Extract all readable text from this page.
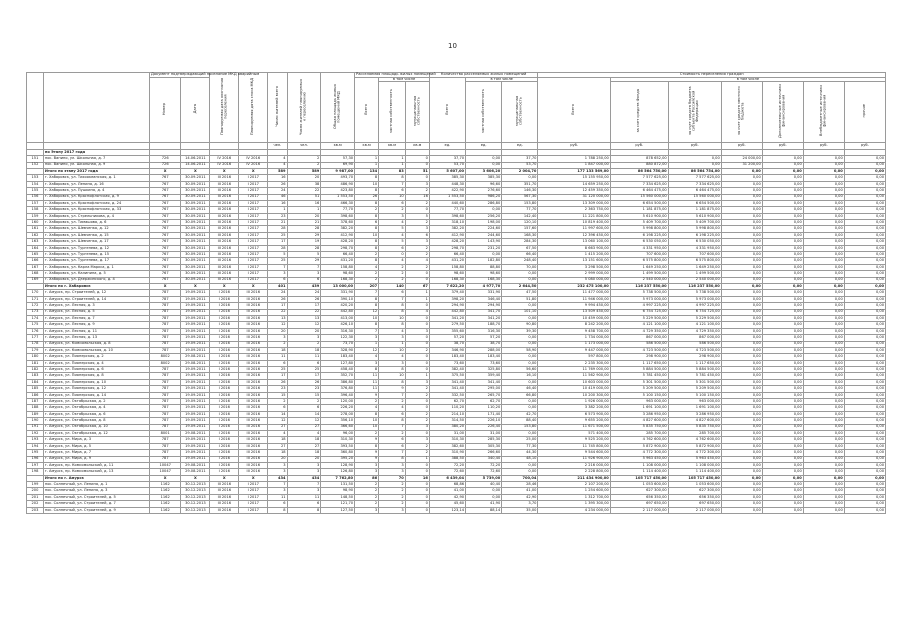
10
		Документ подтверждающий признание МКД аварийным		Планируемая дата окончания переселения	Планируемая дата сноса МКД	Число жителей всего	Число жителей планируемых к переселению	Общая площадь жилых помещений МКД	Расселяемая площадь жилых помещений			Количество расселяемых жилых помещений			Стоимость переселения граждан						
		Номер	Дата						Всего	в том числе		Всего	в том числе		Всего	в том числе					
										частная собственность	муниципальная собственность		частная собственность	муниципальная собственность		за счет средств Фонда	за счет средств бюджета субъекта Российской Федерации	за счет средств местного бюджета	Дополнительные источники финансирования	Внебюджетные источники финансирования	прочие
						чел.	чел.	кв.м	кв.м	кв.м	кв.м	ед.	ед.	ед.	руб.	руб.	руб.	руб.	руб.	руб.	руб.
	по Этапу 2017 года																				
151	пос. Ванино, ул. Школьная, д. 7	726	14.06.2011	IV 2016	IV 2016	4	2	57,30	1	1	0	37,70	0,00	37,70	1 788 250,00	878 652,00	0,00	24 000,00	0,00	0,00	0,00
152	пос. Ванино, ул. Школьная, д. 9	726	14.06.2011	IV 2016	IV 2016	4	2	69,90	1	1	0	53,70	0,00	53,70	1 847 000,00	880 872,00	0,00	31 200,00	0,00	0,00	0,00
	Итого по этапу 2017 года	X	X	X	X	589	589	9 987,00	134	83	51	5 607,00	3 606,20	2 004,70	177 133 569,00	86 564 750,00	86 564 754,00	0,00	0,00	0,00	0,00
153	г. Хабаровск, ул. Тихоокеанская, д. 1	767	30.09.2011	III 2016	I 2017	16	20	493,70	8	8	0	385,30	385,30	0,00	15 155 950,00	7 577 625,00	7 577 625,00	0,00	0,00	0,00	0,00
154	г. Хабаровск, ул. Ленина, д. 16	767	30.09.2011	III 2016	I 2017	26	38	486,90	10	7	3	448,30	96,60	351,70	14 659 250,00	7 334 625,00	7 334 625,00	0,00	0,00	0,00	0,00
155	г. Хабаровск, ул. Пушкина, д. 4	767	30.09.2011	III 2016	I 2017	24	22	423,80	8	6	2	422,90	276,60	146,30	12 459 350,00	6 464 475,00	6 464 475,00	0,00	0,00	0,00	0,00
156	г. Хабаровск, ул. Краснофлотская, д. 9	767	30.09.2011	III 2016	I 2017	46	51	1 553,50	26	10	16	1 553,50	986,20	567,30	31 120 000,00	15 560 000,00	15 560 000,00	0,00	0,00	0,00	0,00
157	г. Хабаровск, ул. Краснофлотская, д. 24	767	30.09.2011	III 2016	I 2017	16	16	466,30	8	6	2	440,60	286,80	153,80	13 309 000,00	6 654 500,00	6 654 500,00	0,00	0,00	0,00	0,00
158	г. Хабаровск, ул. Краснофлотская, д. 33	767	30.09.2011	III 2016	I 2017	1	1	77,70	2	2	0	77,70	0,00	77,70	2 363 750,00	1 181 875,00	1 181 875,00	0,00	0,00	0,00	0,00
159	г. Хабаровск, ул. Стрельникова, д. 4	767	30.09.2011	III 2016	I 2017	23	20	398,60	8	3	5	398,60	256,20	142,40	11 221 800,00	5 610 900,00	5 610 900,00	0,00	0,00	0,00	0,00
160	г. Хабаровск, ул. Тимашова, д. 6	767	30.09.2011	III 2016	I 2017	21	21	378,60	6	4	2	318,10	198,00	120,10	10 819 400,00	5 409 700,00	5 409 700,00	0,00	0,00	0,00	0,00
161	г. Хабаровск, ул. Шевченко, д. 12	767	30.09.2011	III 2016	I 2017	28	28	382,20	8	5	3	382,20	224,60	157,60	11 997 600,00	5 998 800,00	5 998 800,00	0,00	0,00	0,00	0,00
162	г. Хабаровск, ул. Шевченко, д. 15	767	30.09.2011	III 2016	I 2017	25	29	412,90	10	4	6	412,90	244,60	168,30	12 396 450,00	6 198 225,00	6 198 225,00	0,00	0,00	0,00	0,00
163	г. Хабаровск, ул. Шевченко, д. 17	767	30.09.2011	III 2016	I 2017	17	19	428,20	8	5	3	428,20	143,90	284,30	13 060 100,00	6 530 050,00	6 530 050,00	0,00	0,00	0,00	0,00
164	г. Хабаровск, ул. Тургенева, д. 12	767	30.09.2011	III 2016	I 2017	28	28	298,70	8	6	2	298,70	231,20	67,50	8 663 900,00	4 331 950,00	4 331 950,00	0,00	0,00	0,00	0,00
165	г. Хабаровск, ул. Тургенева, д. 15	767	30.09.2011	III 2016	I 2017	5	5	66,40	2	0	2	66,40	0,00	66,40	1 415 200,00	707 600,00	707 600,00	0,00	0,00	0,00	0,00
166	г. Хабаровск, ул. Тургенева, д. 17	767	30.09.2011	III 2016	I 2017	25	29	431,20	8	4	4	431,20	182,80	248,40	13 151 600,00	6 575 800,00	6 575 800,00	0,00	0,00	0,00	0,00
167	г. Хабаровск, ул. Карла Маркса, д. 1	767	30.09.2011	III 2016	I 2017	7	7	158,80	4	2	2	158,80	88,80	70,00	3 298 500,00	1 649 250,00	1 649 250,00	0,00	0,00	0,00	0,00
168	г. Хабаровск, ул. Калинина, д. 5	767	30.09.2011	III 2016	I 2017	3	3	98,60	2	2	0	98,60	98,60	0,00	2 999 000,00	1 499 500,00	1 499 500,00	0,00	0,00	0,00	0,00
169	г. Хабаровск, ул. Дзержинского, д. 4	767	30.09.2011	III 2016	I 2017	6	6	168,30	2	2	0	168,30	168,30	0,00	5 080 000,00	2 540 000,00	2 540 000,00	0,00	0,00	0,00	0,00
	Итого по г. Хабаровск	X	X	X	X	401	439	13 000,00	207	140	67	7 622,20	4 977,70	2 644,50	232 475 100,00	116 237 550,00	116 237 550,00	0,00	0,00	0,00	0,00
170	г. Амурск, пр. Строителей, д. 12	787	19.09.2011	I 2016	III 2016	24	24	331,90	7	6	1	379,40	331,90	47,50	11 477 000,00	5 738 500,00	5 738 500,00	0,00	0,00	0,00	0,00
171	г. Амурск, пр. Строителей, д. 14	787	19.09.2011	I 2016	III 2016	26	26	390,10	8	7	1	398,20	346,40	51,80	11 946 000,00	5 973 000,00	5 973 000,00	0,00	0,00	0,00	0,00
172	г. Амурск, ул. Лесная, д. 3	787	19.09.2011	I 2016	III 2016	17	17	420,20	8	8	0	294,90	294,90	0,00	9 994 450,00	4 997 225,00	4 997 225,00	0,00	0,00	0,00	0,00
173	г. Амурск, ул. Лесная, д. 5	787	19.09.2011	I 2016	III 2016	22	22	442,80	12	8	4	442,80	341,70	101,10	13 509 450,00	6 754 725,00	6 754 725,00	0,00	0,00	0,00	0,00
174	г. Амурск, ул. Лесная, д. 7	787	19.09.2011	I 2016	III 2016	13	13	413,00	10	10	0	341,20	341,20	0,00	10 459 000,00	5 229 500,00	5 229 500,00	0,00	0,00	0,00	0,00
175	г. Амурск, ул. Лесная, д. 9	787	19.09.2011	I 2016	III 2016	12	12	426,10	8	8	0	279,50	188,70	90,80	8 242 200,00	4 121 100,00	4 121 100,00	0,00	0,00	0,00	0,00
176	г. Амурск, ул. Лесная, д. 11	787	19.09.2011	I 2016	III 2016	20	20	316,30	7	4	3	355,60	316,30	39,30	9 458 700,00	4 729 350,00	4 729 350,00	0,00	0,00	0,00	0,00
177	г. Амурск, ул. Лесная, д. 13	787	19.09.2011	I 2016	III 2016	3	3	122,30	3	3	0	57,20	57,20	0,00	1 734 000,00	867 000,00	867 000,00	0,00	0,00	0,00	0,00
178	г. Амурск, ул. Комсомольская, д. 8	787	19.09.2011	I 2016	III 2016	2	2	73,70	1	1	0	38,70	38,70	0,00	1 173 000,00	586 500,00	586 500,00	0,00	0,00	0,00	0,00
179	г. Амурск, ул. Комсомольская, д. 10	787	19.09.2011	I 2016	III 2016	18	18	328,90	12	10	2	346,90	288,00	58,90	9 447 000,00	4 723 500,00	4 723 500,00	0,00	0,00	0,00	0,00
180	г. Амурск, ул. Пионерская, д. 2	8002	29.08.2011	I 2016	III 2016	11	11	183,40	4	4	0	183,40	183,40	0,00	597 800,00	298 900,00	298 900,00	0,00	0,00	0,00	0,00
181	г. Амурск, ул. Пионерская, д. 4	8002	29.08.2011	I 2016	III 2016	6	6	127,80	3	3	0	73,60	73,60	0,00	2 235 300,00	1 117 650,00	1 117 650,00	0,00	0,00	0,00	0,00
182	г. Амурск, ул. Пионерская, д. 6	787	19.09.2011	I 2016	III 2016	25	25	458,40	8	8	0	382,40	325,80	56,60	11 769 000,00	5 884 500,00	5 884 500,00	0,00	0,00	0,00	0,00
183	г. Амурск, ул. Пионерская, д. 8	787	19.09.2011	I 2016	III 2016	17	17	352,70	11	10	1	375,50	359,40	16,10	11 562 900,00	5 781 450,00	5 781 450,00	0,00	0,00	0,00	0,00
184	г. Амурск, ул. Пионерская, д. 10	787	19.09.2011	I 2016	III 2016	26	26	386,80	11	8	3	341,40	341,40	0,00	10 603 000,00	5 301 500,00	5 301 500,00	0,00	0,00	0,00	0,00
185	г. Амурск, ул. Пионерская, д. 12	787	19.09.2011	I 2016	III 2016	23	23	376,80	11	9	2	341,40	295,00	46,40	10 419 000,00	5 209 500,00	5 209 500,00	0,00	0,00	0,00	0,00
186	г. Амурск, ул. Пионерская, д. 14	787	19.09.2011	I 2016	III 2016	15	15	396,40	9	7	2	332,50	265,70	66,80	10 200 300,00	5 100 150,00	5 100 150,00	0,00	0,00	0,00	0,00
187	г. Амурск, ул. Октябрьская, д. 2	787	19.09.2011	I 2016	III 2016	2	2	120,00	2	2	0	62,70	62,70	0,00	1 926 000,00	963 000,00	963 000,00	0,00	0,00	0,00	0,00
188	г. Амурск, ул. Октябрьская, д. 4	787	19.09.2011	I 2016	III 2016	6	6	226,20	4	4	0	110,20	110,20	0,00	3 382 200,00	1 691 100,00	1 691 100,00	0,00	0,00	0,00	0,00
189	г. Амурск, ул. Октябрьская, д. 6	787	19.09.2011	I 2016	III 2016	14	14	278,00	8	6	2	214,10	171,40	42,70	6 573 900,00	3 286 950,00	3 286 950,00	0,00	0,00	0,00	0,00
190	г. Амурск, ул. Октябрьская, д. 8	787	19.09.2011	I 2016	III 2016	12	12	356,10	10	8	2	314,50	226,10	88,40	9 655 200,00	4 827 600,00	4 827 600,00	0,00	0,00	0,00	0,00
191	г. Амурск, ул. Октябрьская, д. 10	787	19.09.2011	I 2016	III 2016	27	27	366,60	10	7	3	380,20	226,40	153,80	11 671 500,00	5 835 750,00	5 835 750,00	0,00	0,00	0,00	0,00
192	г. Амурск, ул. Октябрьская, д. 12	8001	29.08.2011	I 2016	III 2016	4	4	96,00	2	2	0	31,00	31,00	0,00	571 400,00	285 700,00	285 700,00	0,00	0,00	0,00	0,00
193	г. Амурск, ул. Мира, д. 3	787	19.09.2011	I 2016	III 2016	18	18	310,30	9	6	3	310,30	285,30	25,00	9 525 200,00	4 762 600,00	4 762 600,00	0,00	0,00	0,00	0,00
194	г. Амурск, ул. Мира, д. 5	787	19.09.2011	I 2016	III 2016	27	27	393,50	8	6	2	382,60	305,30	77,30	11 745 800,00	5 872 900,00	5 872 900,00	0,00	0,00	0,00	0,00
195	г. Амурск, ул. Мира, д. 7	787	19.09.2011	I 2016	III 2016	18	18	360,80	9	7	2	310,90	266,60	44,30	9 544 600,00	4 772 300,00	4 772 300,00	0,00	0,00	0,00	0,00
196	г. Амурск, ул. Мира, д. 9	787	19.09.2011	I 2016	III 2016	20	20	395,20	9	8	1	388,50	340,40	48,10	11 926 900,00	5 963 450,00	5 963 450,00	0,00	0,00	0,00	0,00
197	г. Амурск, пр. Комсомольский, д. 11	10047	29.08.2011	I 2016	III 2016	3	3	128,90	3	3	0	72,20	72,20	0,00	2 216 000,00	1 108 000,00	1 108 000,00	0,00	0,00	0,00	0,00
198	г. Амурск, пр. Комсомольский, д. 13	10047	29.08.2011	I 2016	III 2016	3	3	126,80	3	3	0	72,60	72,60	0,00	2 228 800,00	1 114 400,00	1 114 400,00	0,00	0,00	0,00	0,00
	Итого по г. Амурск	X	X	X	X	434	434	7 762,80	86	70	16	6 439,04	5 739,00	700,04	211 434 900,00	105 717 450,00	105 717 450,00	0,00	0,00	0,00	0,00
199	пос. Солнечный, ул. Ленина, д. 1	1162	30.12.2013	III 2016	I 2017	7	7	131,50	2	2	0	68,86	40,40	28,46	2 107 200,00	1 053 600,00	1 053 600,00	0,00	0,00	0,00	0,00
200	пос. Солнечный, ул. Ленина, д. 3	1162	30.12.2013	III 2016	I 2017	3	3	98,90	2	2	0	41,00	0,00	41,00	1 254 600,00	627 300,00	627 300,00	0,00	0,00	0,00	0,00
201	пос. Солнечный, ул. Строителей, д. 5	1162	30.12.2013	III 2016	I 2017	11	11	148,50	2	2	0	42,90	0,00	42,90	1 312 700,00	656 350,00	656 350,00	0,00	0,00	0,00	0,00
202	пос. Солнечный, ул. Строителей, д. 7	1162	30.12.2013	III 2016	I 2017	6	6	121,70	2	2	0	45,60	41,90	3,70	1 395 300,00	697 650,00	697 650,00	0,00	0,00	0,00	0,00
203	пос. Солнечный, ул. Строителей, д. 9	1162	30.12.2013	III 2016	I 2017	8	8	127,50	3	3	0	123,14	88,14	35,00	4 234 000,00	2 117 000,00	2 117 000,00	0,00	0,00	0,00	0,00
